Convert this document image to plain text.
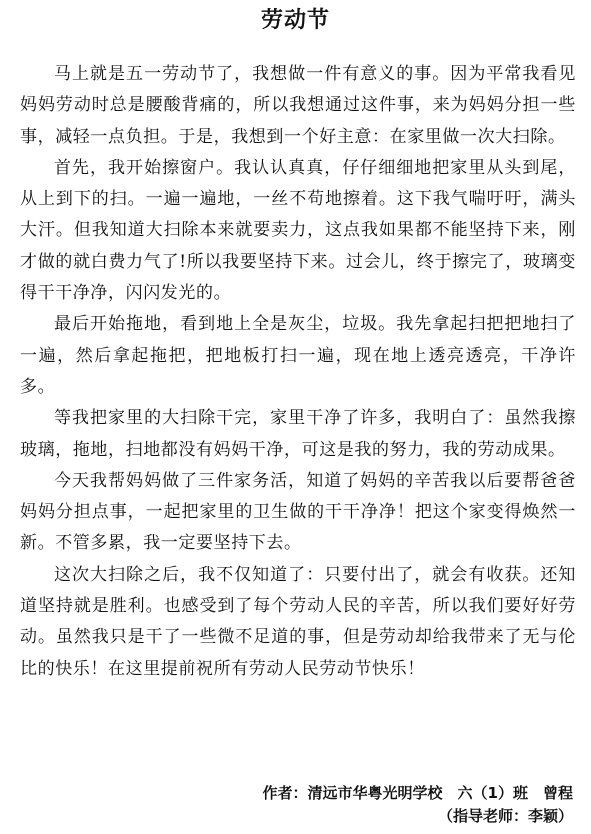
劳动节

马上就是五一劳动节了，我想做一件有意义的事。因为平常我看见妈妈劳动时总是腰酸背痛的，所以我想通过这件事，来为妈妈分担一些事，减轻一点负担。于是，我想到一个好主意：在家里做一次大扫除。

首先，我开始擦窗户。我认认真真，仔仔细细地把家里从头到尾，从上到下的扫。一遍一遍地，一丝不苟地擦着。这下我气喘吁吁，满头大汗。但我知道大扫除本来就要卖力，这点我如果都不能坚持下来，刚才做的就白费力气了!所以我要坚持下来。过会儿，终于擦完了，玻璃变得干干净净，闪闪发光的。

最后开始拖地，看到地上全是灰尘，垃圾。我先拿起扫把把地扫了一遍，然后拿起拖把，把地板打扫一遍，现在地上透亮透亮，干净许多。

等我把家里的大扫除干完，家里干净了许多，我明白了：虽然我擦玻璃，拖地，扫地都没有妈妈干净，可这是我的努力，我的劳动成果。

今天我帮妈妈做了三件家务活，知道了妈妈的辛苦我以后要帮爸爸妈妈分担点事，一起把家里的卫生做的干干净净！把这个家变得焕然一新。不管多累，我一定要坚持下去。

这次大扫除之后，我不仅知道了：只要付出了，就会有收获。还知道坚持就是胜利。也感受到了每个劳动人民的辛苦，所以我们要好好劳动。虽然我只是干了一些微不足道的事，但是劳动却给我带来了无与伦比的快乐！在这里提前祝所有劳动人民劳动节快乐！

作者：清远市华粤光明学校　六（1）班　曾程
（指导老师：李颖）
